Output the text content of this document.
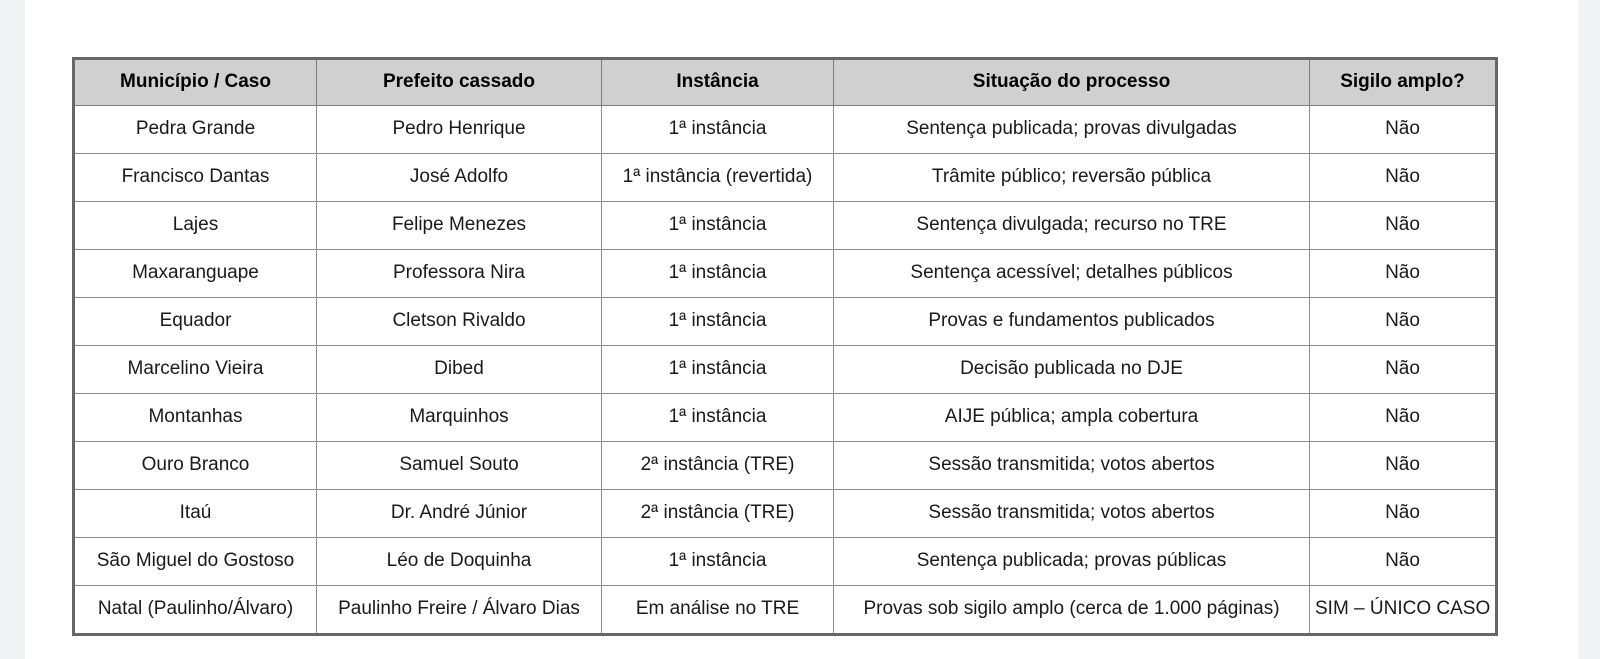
Município / Caso	Prefeito cassado	Instância	Situação do processo	Sigilo amplo?
Pedra Grande	Pedro Henrique	1ª instância	Sentença publicada; provas divulgadas	Não
Francisco Dantas	José Adolfo	1ª instância (revertida)	Trâmite público; reversão pública	Não
Lajes	Felipe Menezes	1ª instância	Sentença divulgada; recurso no TRE	Não
Maxaranguape	Professora Nira	1ª instância	Sentença acessível; detalhes públicos	Não
Equador	Cletson Rivaldo	1ª instância	Provas e fundamentos publicados	Não
Marcelino Vieira	Dibed	1ª instância	Decisão publicada no DJE	Não
Montanhas	Marquinhos	1ª instância	AIJE pública; ampla cobertura	Não
Ouro Branco	Samuel Souto	2ª instância (TRE)	Sessão transmitida; votos abertos	Não
Itaú	Dr. André Júnior	2ª instância (TRE)	Sessão transmitida; votos abertos	Não
São Miguel do Gostoso	Léo de Doquinha	1ª instância	Sentença publicada; provas públicas	Não
Natal (Paulinho/Álvaro)	Paulinho Freire / Álvaro Dias	Em análise no TRE	Provas sob sigilo amplo (cerca de 1.000 páginas)	SIM – ÚNICO CASO
